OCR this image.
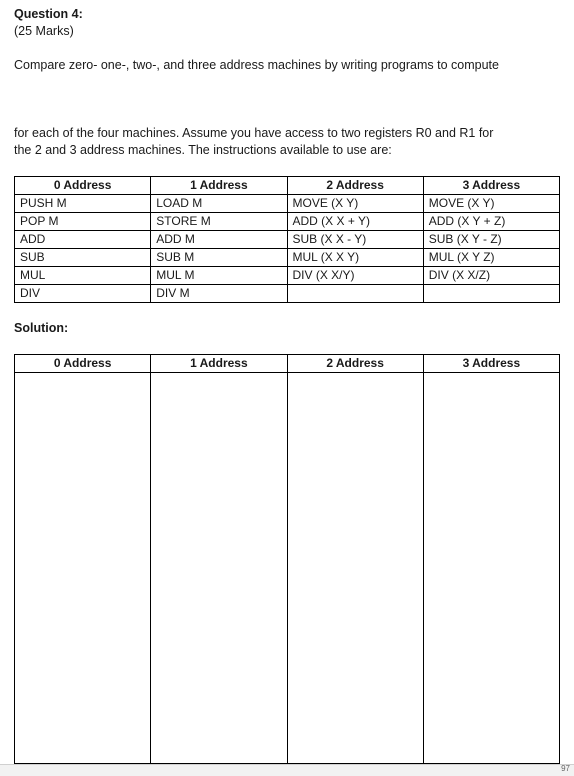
Question 4:
(25 Marks)
Compare zero- one-, two-, and three address machines by writing programs to compute
for each of the four machines. Assume you have access to two registers R0 and R1 for
the 2 and 3 address machines. The instructions available to use are:
0 Address	1 Address	2 Address	3 Address
PUSH M	LOAD M	MOVE (X Y)	MOVE (X Y)
POP M	STORE M	ADD (X X + Y)	ADD (X Y + Z)
ADD	ADD M	SUB (X X - Y)	SUB (X Y - Z)
SUB	SUB M	MUL (X X Y)	MUL (X Y Z)
MUL	MUL M	DIV (X X/Y)	DIV (X X/Z)
DIV	DIV M		
Solution:
0 Address	1 Address	2 Address	3 Address

97
